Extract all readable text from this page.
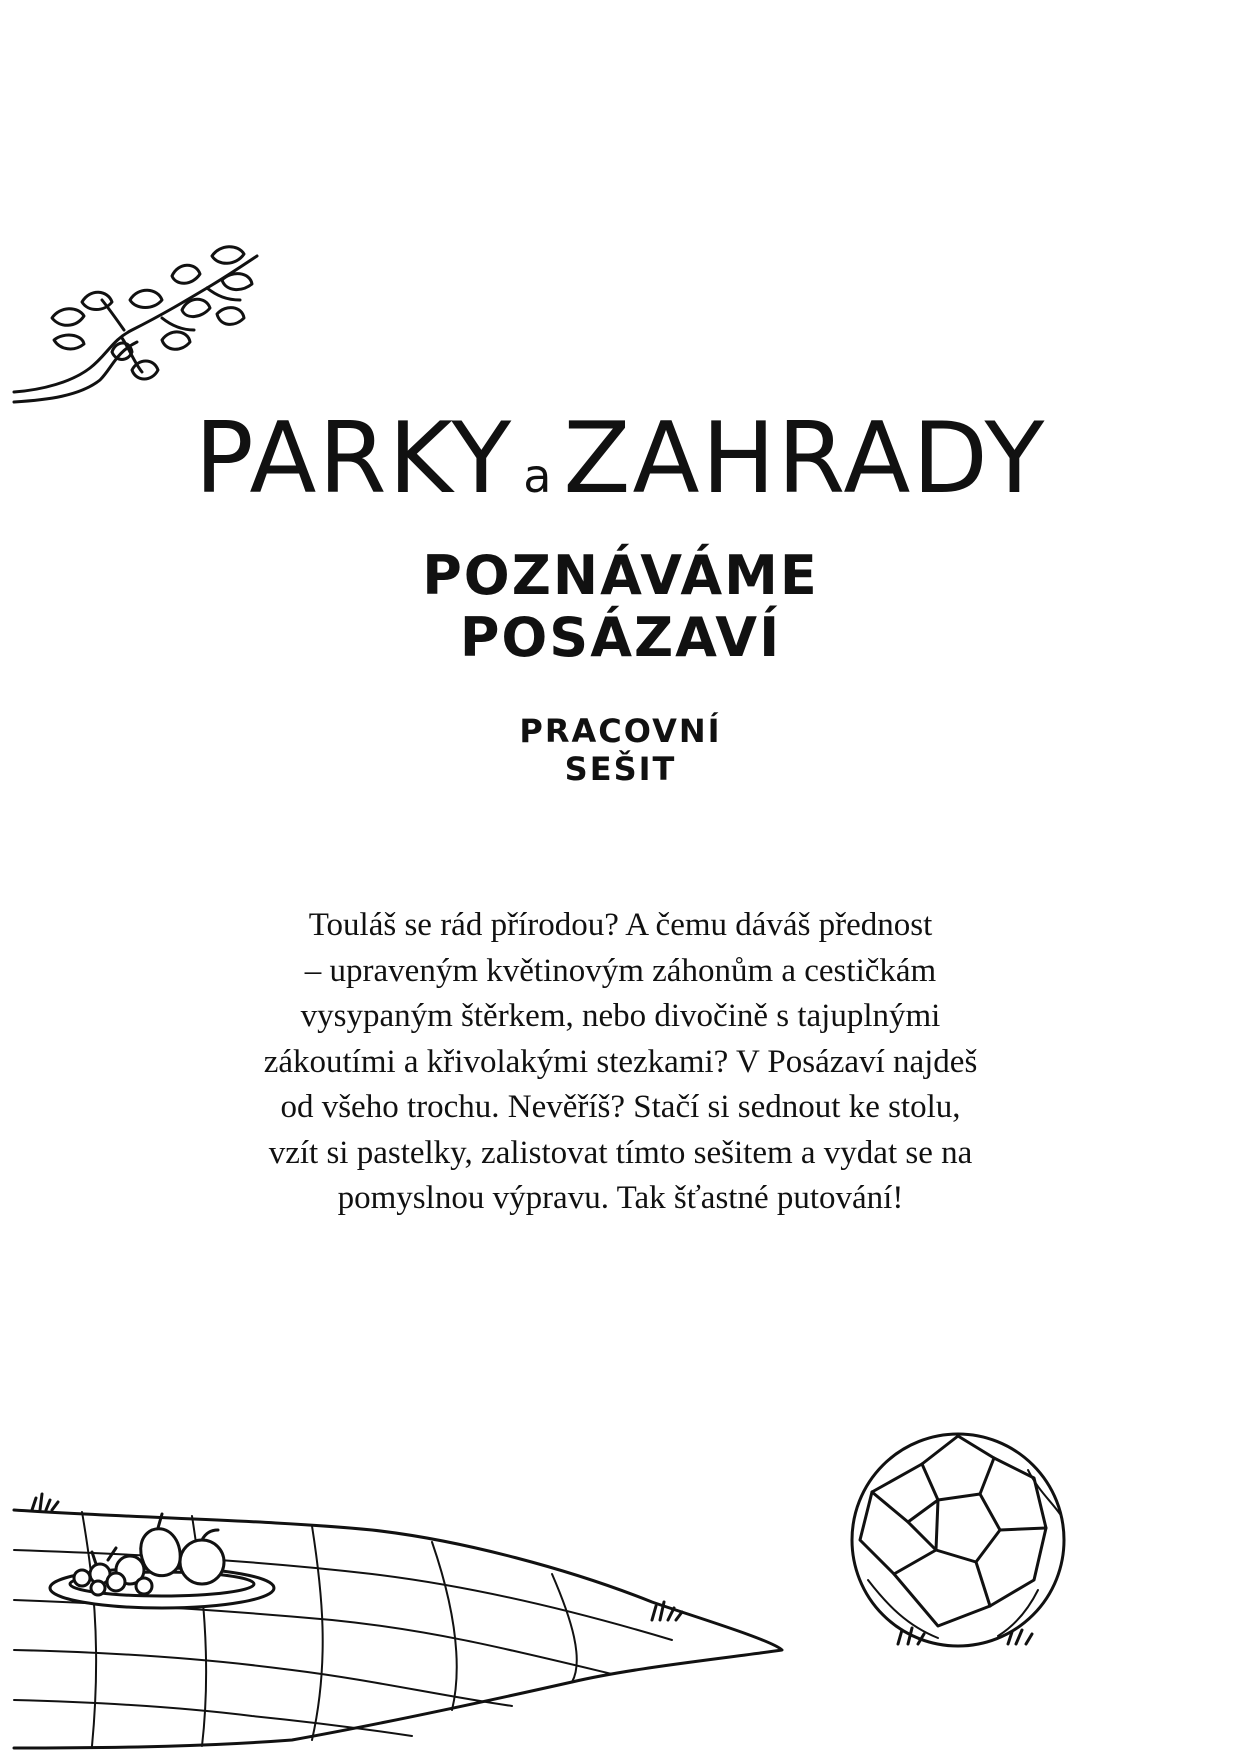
PARKY a ZAHRADY
POZNÁVÁME
POSÁZAVÍ
PRACOVNÍ
SEŠIT
Touláš se rád přírodou? A čemu dáváš přednost
– upraveným květinovým záhonům a cestičkám
vysypaným štěrkem, nebo divočině s tajuplnými
zákoutími a křivolakými stezkami? V Posázaví najdeš
od všeho trochu. Nevěříš? Stačí si sednout ke stolu,
vzít si pastelky, zalistovat tímto sešitem a vydat se na
pomyslnou výpravu. Tak šťastné putování!
